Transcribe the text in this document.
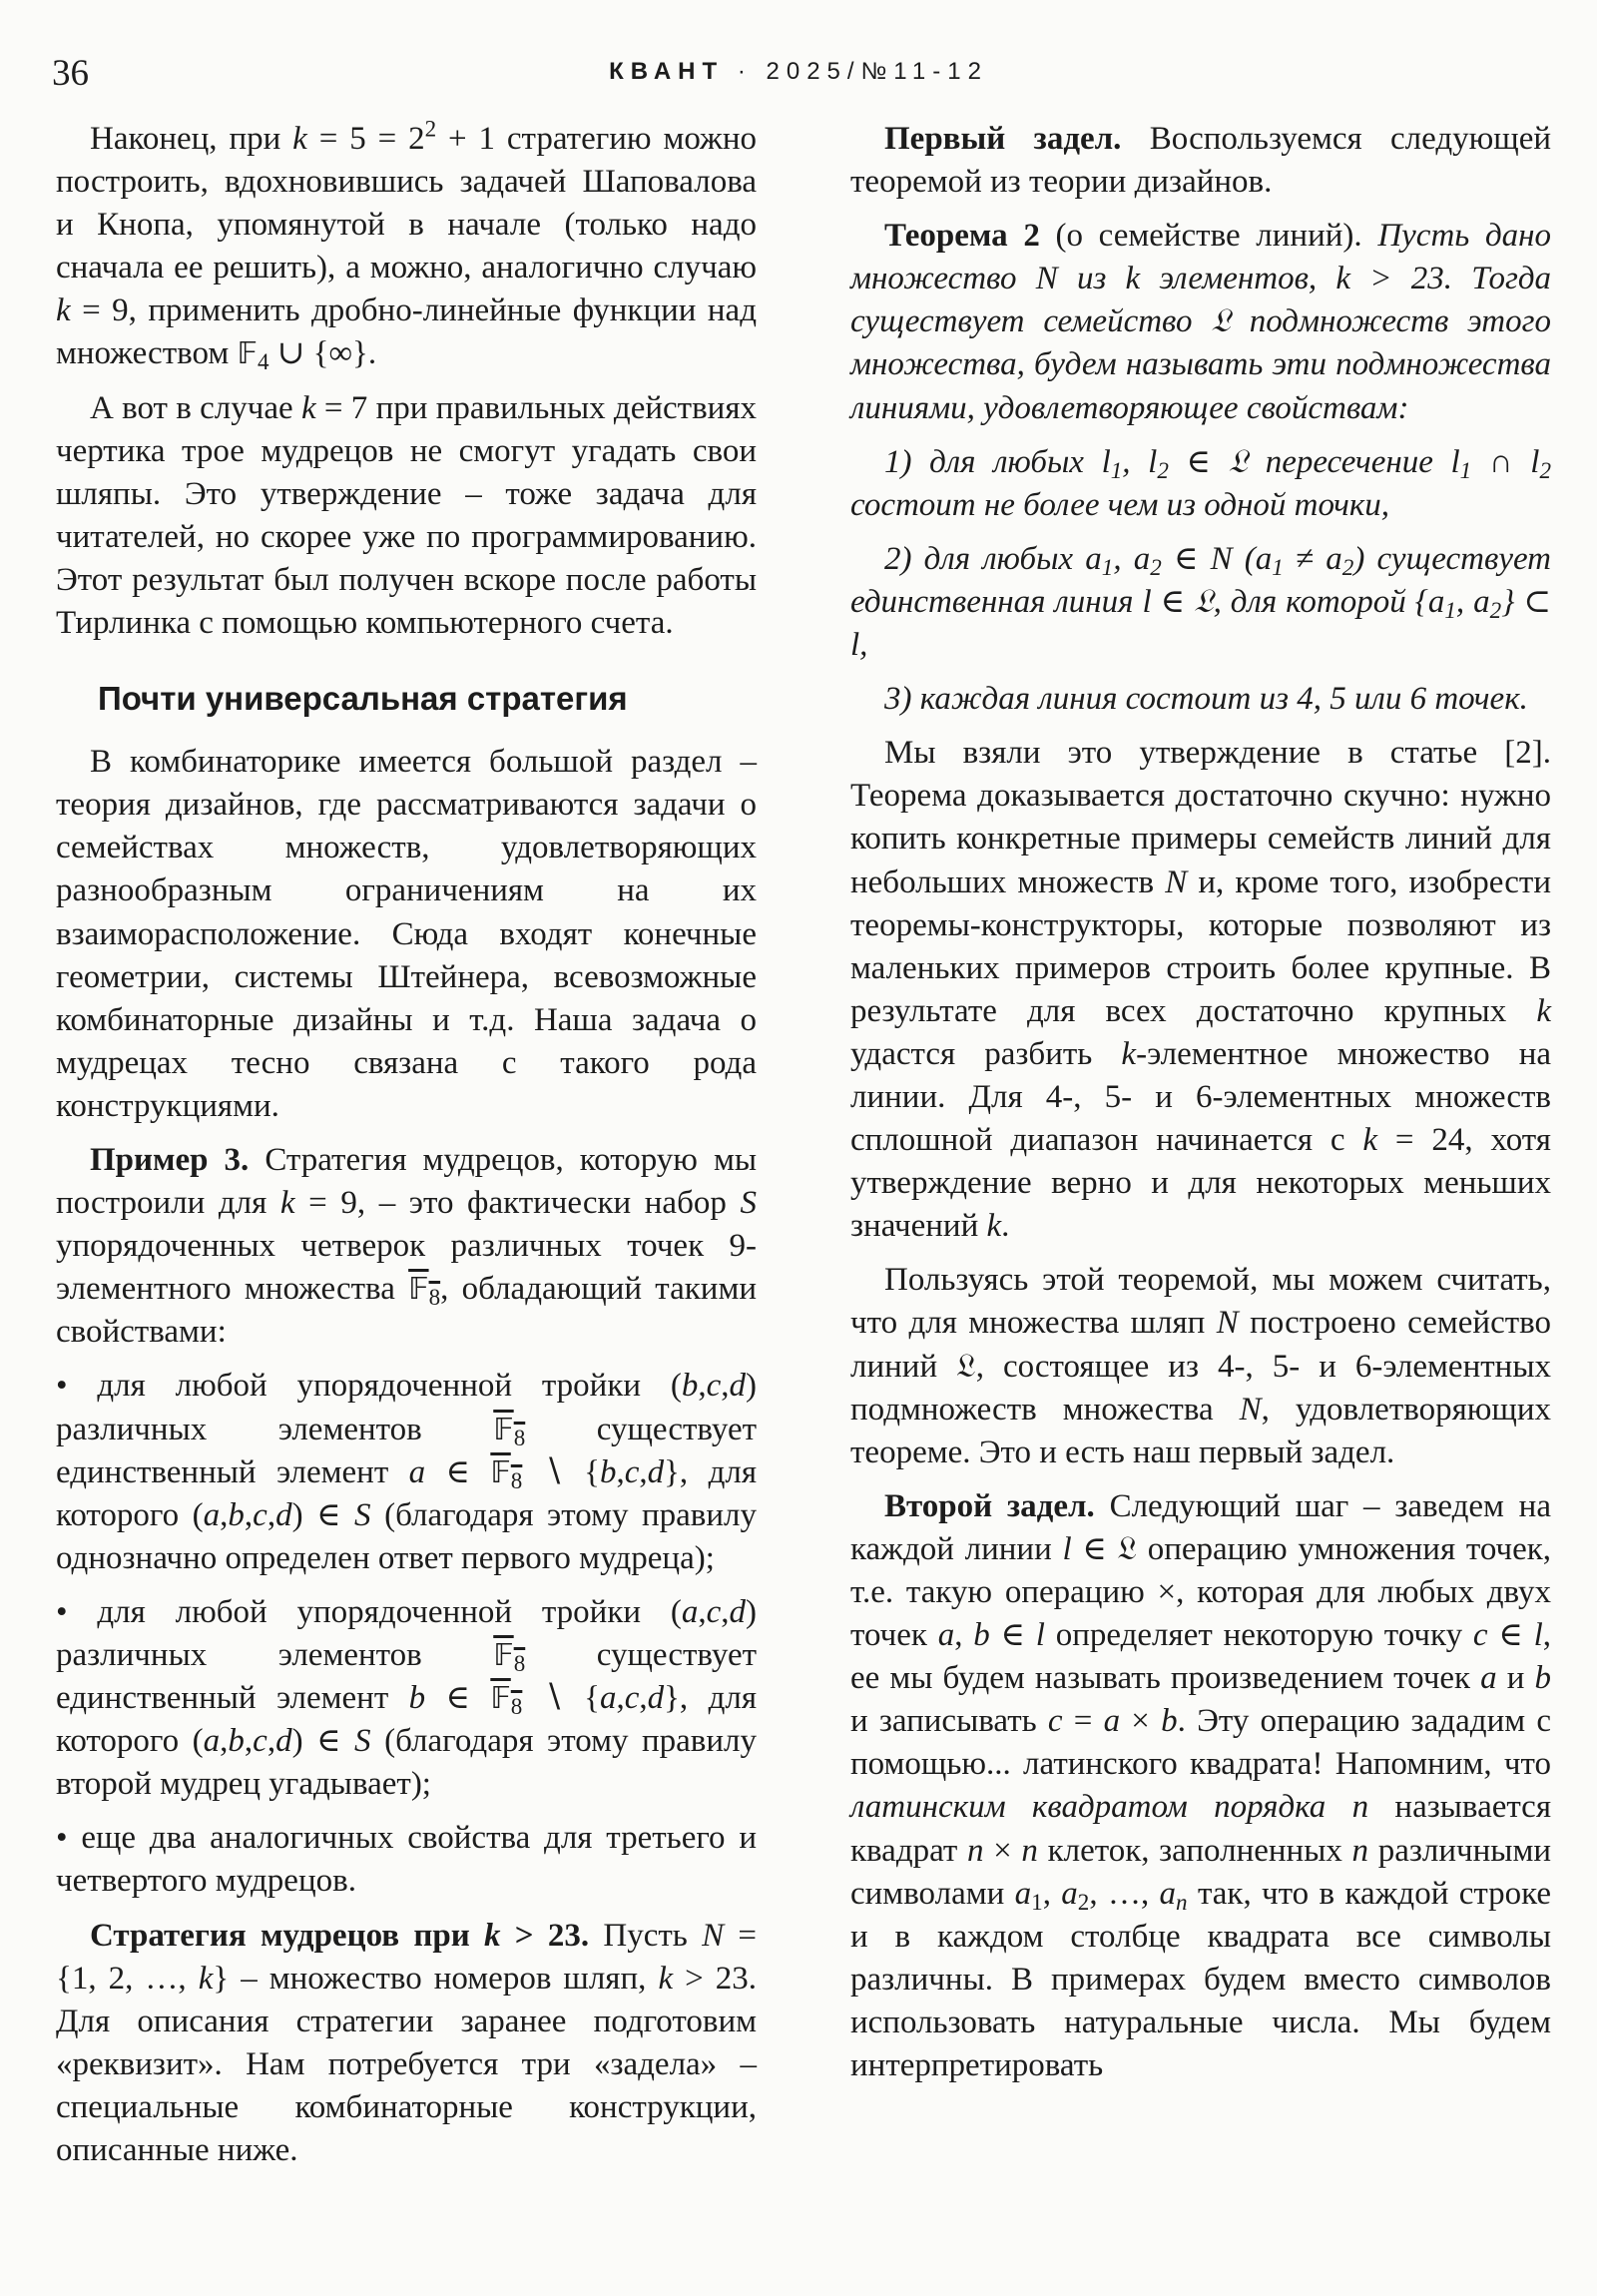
36	КВАНТ · 2025/№11-12

Наконец, при $k = 5 = 2^2 + 1$ стратегию можно построить, вдохновившись задачей Шаповалова и Кнопа, упомянутой в начале (только надо сначала ее решить), а можно, аналогично случаю k = 9, применить дробно-линейные функции над множеством 𝔽$_4$ ∪ {∞}.

А вот в случае k = 7 при правильных действиях чертика трое мудрецов не смогут угадать свои шляпы. Это утверждение – тоже задача для читателей, но скорее уже по программированию. Этот результат был получен вскоре после работы Тирлинка с помощью компьютерного счета.

Почти универсальная стратегия

В комбинаторике имеется большой раздел – теория дизайнов, где рассматриваются задачи о семействах множеств, удовлетворяющих разнообразным ограничениям на их взаиморасположение. Сюда входят конечные геометрии, системы Штейнера, всевозможные комбинаторные дизайны и т.д. Наша задача о мудрецах тесно связана с такого рода конструкциями.

Пример 3. Стратегия мудрецов, которую мы построили для k = 9, – это фактически набор S упорядоченных четверок различных точек 9-элементного множества 𝔽$_8$, обладающий такими свойствами:

• для любой упорядоченной тройки (b,c,d) различных элементов 𝔽$_8$ существует единственный элемент a ∈ 𝔽$_8$ ∖ {b,c,d}, для которого (a,b,c,d) ∈ S (благодаря этому правилу однозначно определен ответ первого мудреца);

• для любой упорядоченной тройки (a,c,d) различных элементов 𝔽$_8$ существует единственный элемент b ∈ 𝔽$_8$ ∖ {a,c,d}, для которого (a,b,c,d) ∈ S (благодаря этому правилу второй мудрец угадывает);

• еще два аналогичных свойства для третьего и четвертого мудрецов.

Стратегия мудрецов при k > 23. Пусть N = {1, 2, …, k} – множество номеров шляп, k > 23. Для описания стратегии заранее подготовим «реквизит». Нам потребуется три «задела» – специальные комбинаторные конструкции, описанные ниже.

Первый задел. Воспользуемся следующей теоремой из теории дизайнов.

Теорема 2 (о семействе линий). Пусть дано множество N из k элементов, k > 23. Тогда существует семейство 𝔏 подмножеств этого множества, будем называть эти подмножества линиями, удовлетворяющее свойствам:

1) для любых $l_1$, $l_2$ ∈ 𝔏 пересечение $l_1$ ∩ $l_2$ состоит не более чем из одной точки,

2) для любых $a_1$, $a_2$ ∈ N $(a_1 \ne a_2)$ существует единственная линия l ∈ 𝔏, для которой {$a_1$, $a_2$} ⊂ l,

3) каждая линия состоит из 4, 5 или 6 точек.

Мы взяли это утверждение в статье [2]. Теорема доказывается достаточно скучно: нужно копить конкретные примеры семейств линий для небольших множеств N и, кроме того, изобрести теоремы-конструкторы, которые позволяют из маленьких примеров строить более крупные. В результате для всех достаточно крупных k удастся разбить k-элементное множество на линии. Для 4-, 5- и 6-элементных множеств сплошной диапазон начинается с k = 24, хотя утверждение верно и для некоторых меньших значений k.

Пользуясь этой теоремой, мы можем считать, что для множества шляп N построено семейство линий 𝔏, состоящее из 4-, 5- и 6-элементных подмножеств множества N, удовлетворяющих теореме. Это и есть наш первый задел.

Второй задел. Следующий шаг – заведем на каждой линии l ∈ 𝔏 операцию умножения точек, т.е. такую операцию ×, которая для любых двух точек a, b ∈ l определяет некоторую точку c ∈ l, ее мы будем называть произведением точек a и b и записывать c = a × b. Эту операцию зададим с помощью... латинского квадрата! Напомним, что латинским квадратом порядка n называется квадрат n × n клеток, заполненных n различными символами $a_1$, $a_2$, …, $a_n$ так, что в каждой строке и в каждом столбце квадрата все символы различны. В примерах будем вместо символов использовать натуральные числа. Мы будем интерпретировать
